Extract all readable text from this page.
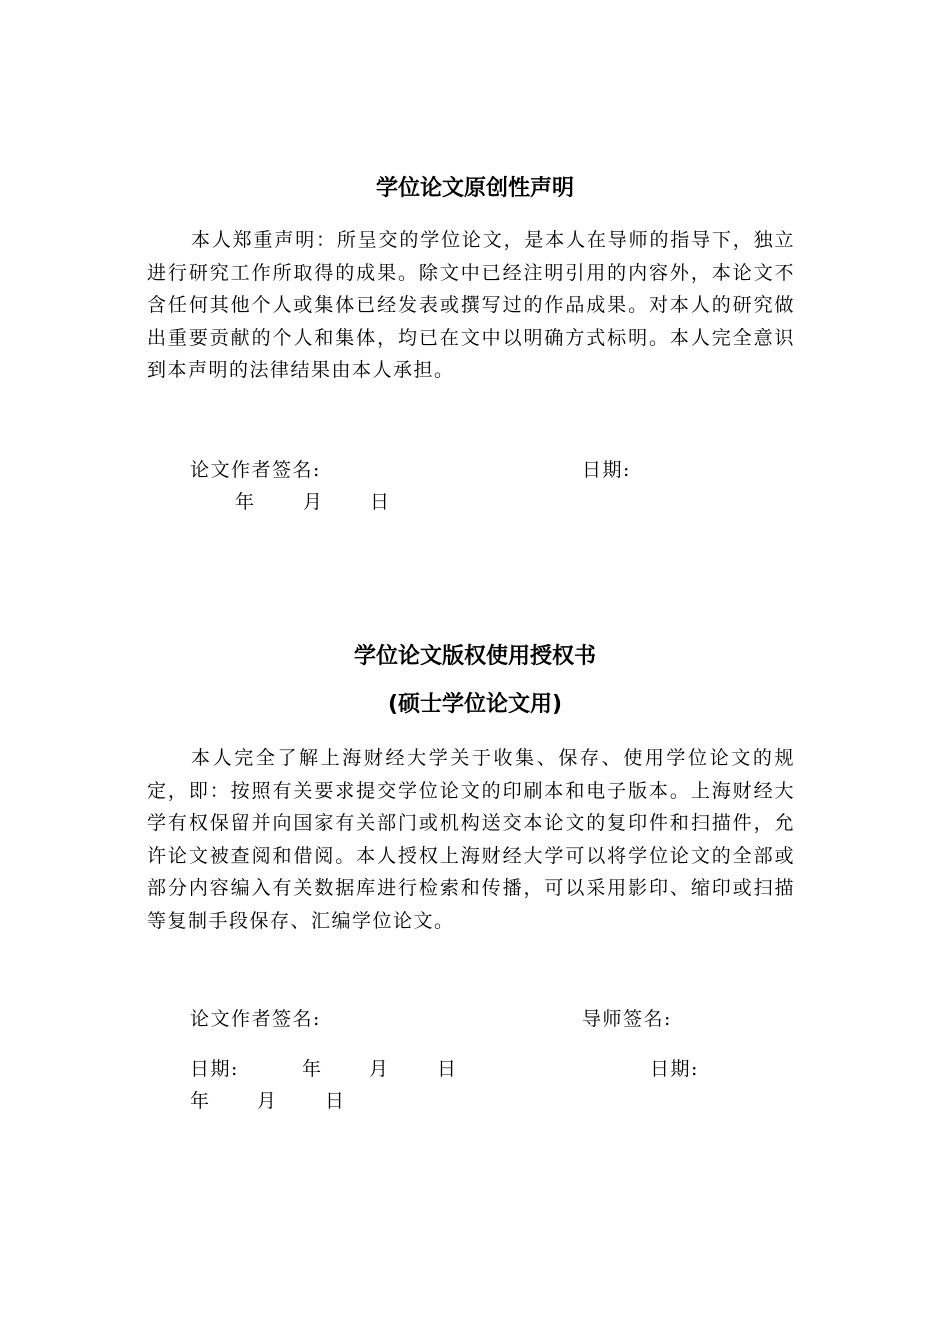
学位论文原创性声明
本人郑重声明：所呈交的学位论文，是本人在导师的指导下，独立进行研究工作所取得的成果。除文中已经注明引用的内容外，本论文不含任何其他个人或集体已经发表或撰写过的作品成果。对本人的研究做出重要贡献的个人和集体，均已在文中以明确方式标明。本人完全意识到本声明的法律结果由本人承担。
论文作者签名:	日期:
年 月 日
学位论文版权使用授权书
(硕士学位论文用)
本人完全了解上海财经大学关于收集、保存、使用学位论文的规定，即：按照有关要求提交学位论文的印刷本和电子版本。上海财经大学有权保留并向国家有关部门或机构送交本论文的复印件和扫描件，允许论文被查阅和借阅。本人授权上海财经大学可以将学位论文的全部或部分内容编入有关数据库进行检索和传播，可以采用影印、缩印或扫描等复制手段保存、汇编学位论文。
论文作者签名:	导师签名:
日期:	年 月 日	日期:
年 月 日
